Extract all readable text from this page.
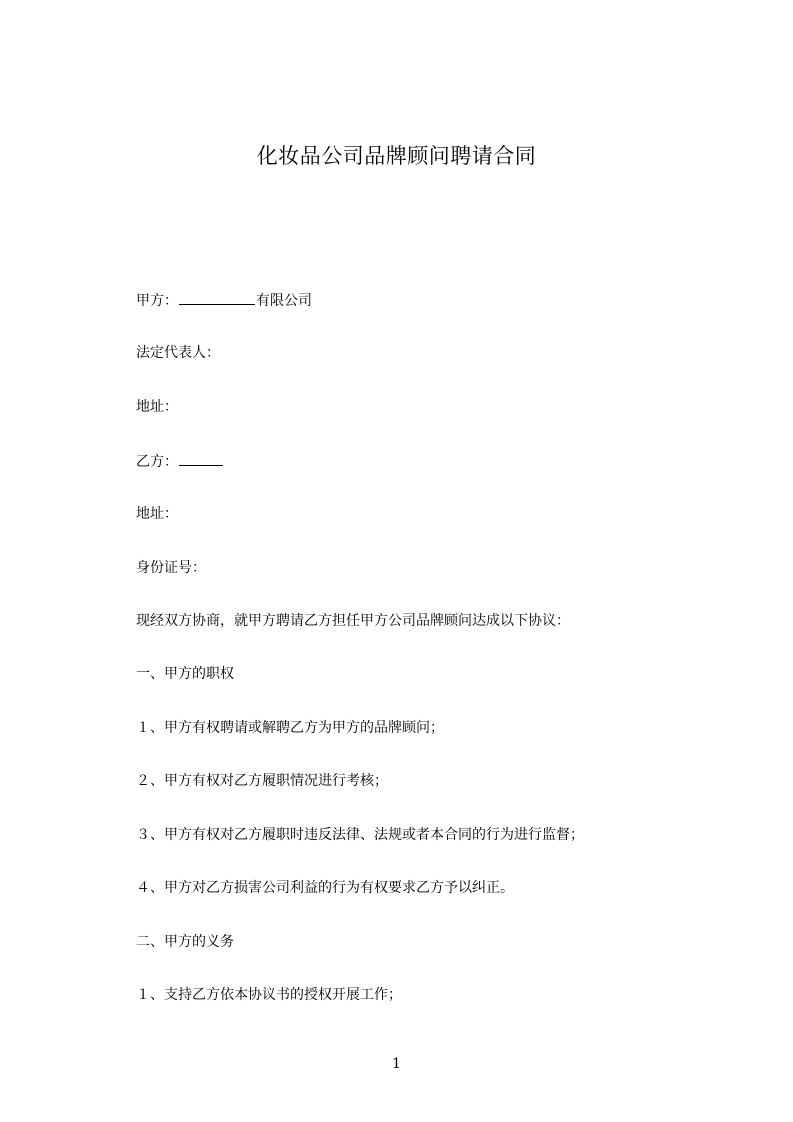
化妆品公司品牌顾问聘请合同
甲方：	有限公司
法定代表人：
地址：
乙方：
地址：
身份证号：
现经双方协商，就甲方聘请乙方担任甲方公司品牌顾问达成以下协议：
一、甲方的职权
１、甲方有权聘请或解聘乙方为甲方的品牌顾问；
２、甲方有权对乙方履职情况进行考核；
３、甲方有权对乙方履职时违反法律、法规或者本合同的行为进行监督；
４、甲方对乙方损害公司利益的行为有权要求乙方予以纠正。
二、甲方的义务
１、支持乙方依本协议书的授权开展工作；
1
